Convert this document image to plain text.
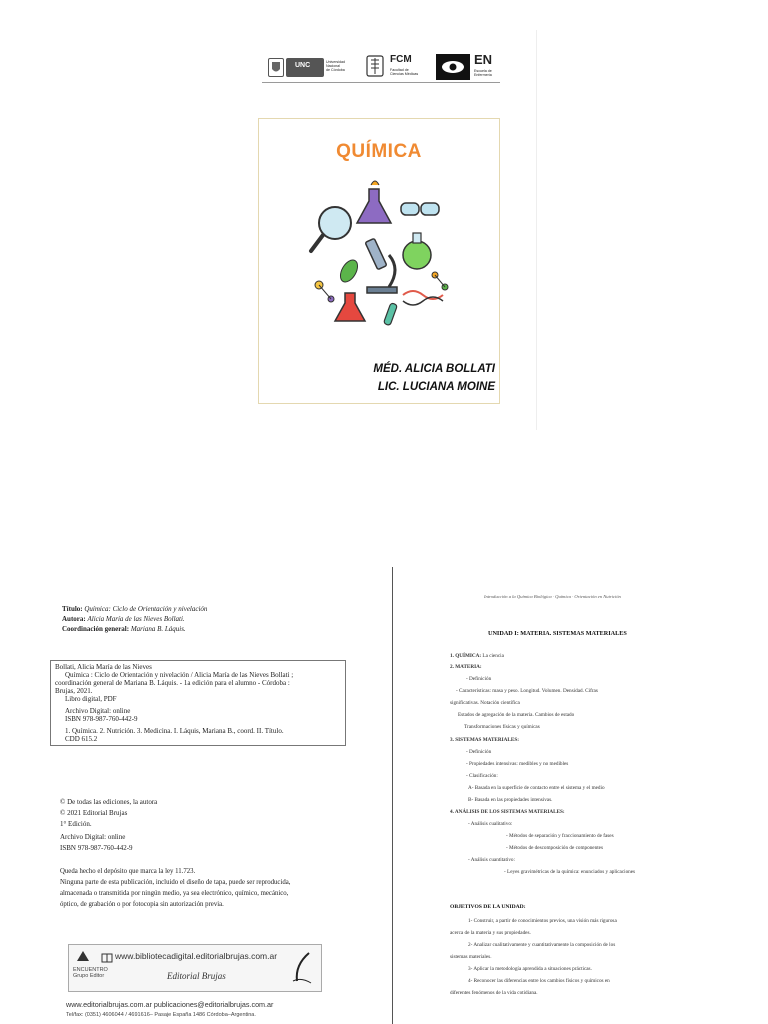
UNC	Universidad
Nacional
de Córdoba
FCM
Facultad de
Ciencias Médicas
EN
Escuela de
Enfermería
QUÍMICA
MÉD. ALICIA BOLLATI
LIC. LUCIANA MOINE
Título: Química: Ciclo de Orientación y nivelación
Autora: Alicia María de las Nieves Bollati.
Coordinación general: Mariana B. Láquis.
Bollati, Alicia María de las Nieves
Química : Ciclo de Orientación y nivelación / Alicia María de las Nieves Bollati ;
coordinación general de Mariana B. Láquis. - 1a edición para el alumno - Córdoba :
Brujas, 2021.
Libro digital, PDF
Archivo Digital: online
ISBN 978-987-760-442-9
1. Química. 2. Nutrición. 3. Medicina. I. Láquis, Mariana B., coord. II. Título.
CDD 615.2
© De todas las ediciones, la autora
© 2021 Editorial Brujas
1° Edición.
Archivo Digital: online
ISBN 978-987-760-442-9
Queda hecho el depósito que marca la ley 11.723.
Ninguna parte de esta publicación, incluido el diseño de tapa, puede ser reproducida,
almacenada o transmitida por ningún medio, ya sea electrónico, químico, mecánico,
óptico, de grabación o por fotocopia sin autorización previa.
ENCUENTRO
Grupo Editor
www.bibliotecadigital.editorialbrujas.com.ar
Editorial Brujas
www.editorialbrujas.com.ar publicaciones@editorialbrujas.com.ar
Tel/fax: (0351) 4606044 / 4691616– Pasaje España 1486 Córdoba–Argentina.
Introducción a la Química Biológica · Química · Orientación en Nutrición
UNIDAD I: MATERIA. SISTEMAS MATERIALES
1. QUÍMICA: La ciencia
2. MATERIA:
- Definición
- Características: masa y peso. Longitud. Volumen. Densidad. Cifras
significativas. Notación científica
Estados de agregación de la materia. Cambios de estado
Transformaciones físicas y químicas
3. SISTEMAS MATERIALES:
- Definición
- Propiedades intensivas: medibles y no medibles
- Clasificación:
A- Basada en la superficie de contacto entre el sistema y el medio
B- Basada en las propiedades intensivas.
4. ANÁLISIS DE LOS SISTEMAS MATERIALES:
- Análisis cualitativo:
- Métodos de separación y fraccionamiento de fases
- Métodos de descomposición de componentes
- Análisis cuantitativo:
- Leyes gravimétricas de la química: enunciados y aplicaciones
OBJETIVOS DE LA UNIDAD:
1- Construir, a partir de conocimientos previos, una visión más rigurosa
acerca de la materia y sus propiedades.
2- Analizar cualitativamente y cuantitativamente la composición de los
sistemas materiales.
3- Aplicar la metodología aprendida a situaciones prácticas.
4- Reconocer las diferencias entre los cambios físicos y químicos en
diferentes fenómenos de la vida cotidiana.
